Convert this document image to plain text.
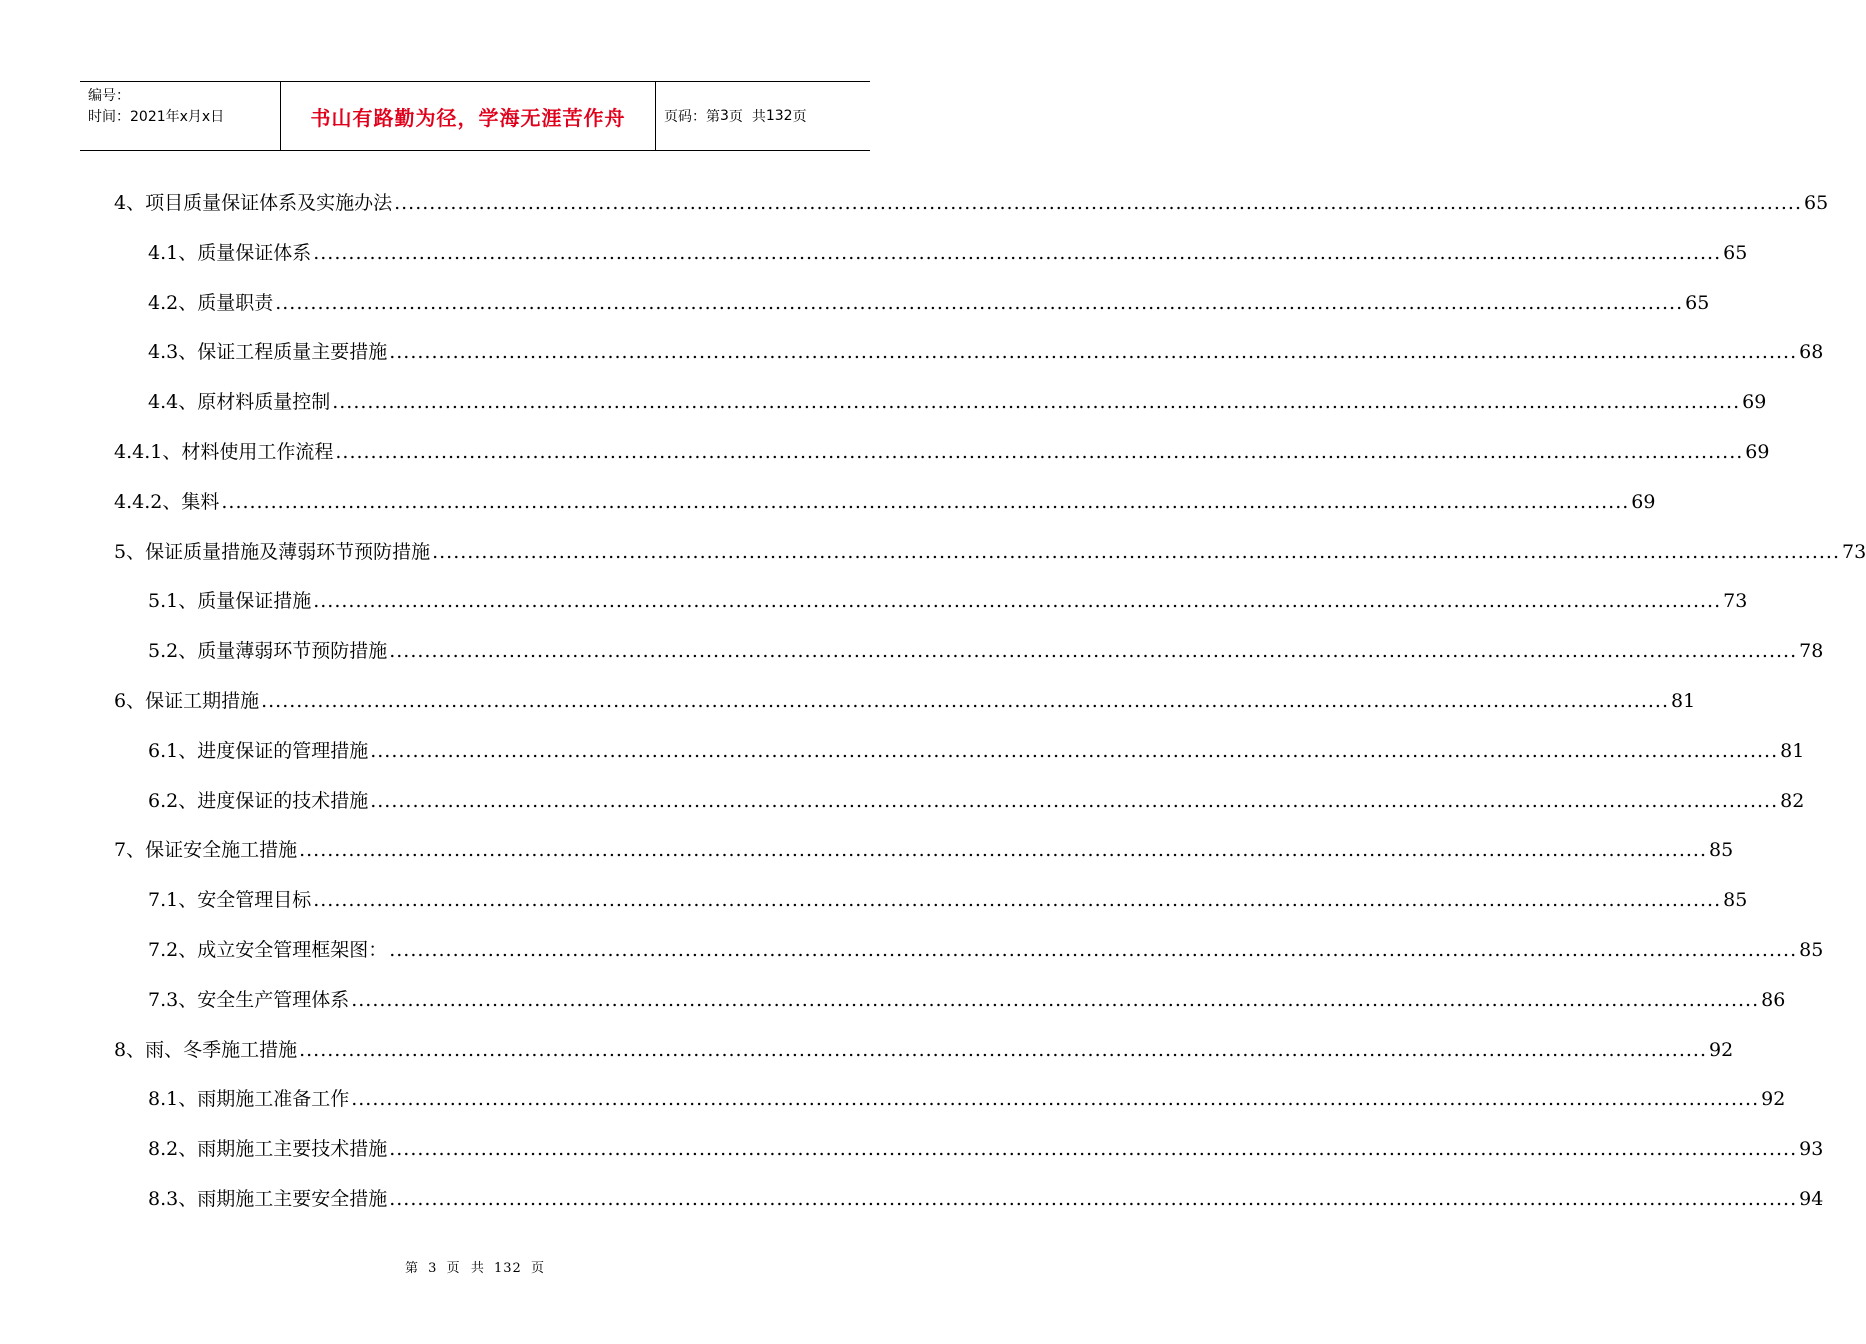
编号：
时间：2021年x月x日	书山有路勤为径，学海无涯苦作舟	页码：第 3 页  共 132 页
4、项目质量保证体系及实施办法 ........................................................................................................................................................................................................ 65
4.1、质量保证体系 ........................................................................................................................................................................................................ 65
4.2、质量职责 ........................................................................................................................................................................................................ 65
4.3、保证工程质量主要措施 ........................................................................................................................................................................................................ 68
4.4、原材料质量控制 ........................................................................................................................................................................................................ 69
4.4.1、材料使用工作流程 ........................................................................................................................................................................................................ 69
4.4.2、集料 ........................................................................................................................................................................................................ 69
5、保证质量措施及薄弱环节预防措施 ........................................................................................................................................................................................................ 73
5.1、质量保证措施 ........................................................................................................................................................................................................ 73
5.2、质量薄弱环节预防措施 ........................................................................................................................................................................................................ 78
6、保证工期措施 ........................................................................................................................................................................................................ 81
6.1、进度保证的管理措施 ........................................................................................................................................................................................................ 81
6.2、进度保证的技术措施 ........................................................................................................................................................................................................ 82
7、保证安全施工措施 ........................................................................................................................................................................................................ 85
7.1、安全管理目标 ........................................................................................................................................................................................................ 85
7.2、成立安全管理框架图： ........................................................................................................................................................................................................ 85
7.3、安全生产管理体系 ........................................................................................................................................................................................................ 86
8、雨、冬季施工措施 ........................................................................................................................................................................................................ 92
8.1、雨期施工准备工作 ........................................................................................................................................................................................................ 92
8.2、雨期施工主要技术措施 ........................................................................................................................................................................................................ 93
8.3、雨期施工主要安全措施 ........................................................................................................................................................................................................ 94
第 3 页  共 132 页
